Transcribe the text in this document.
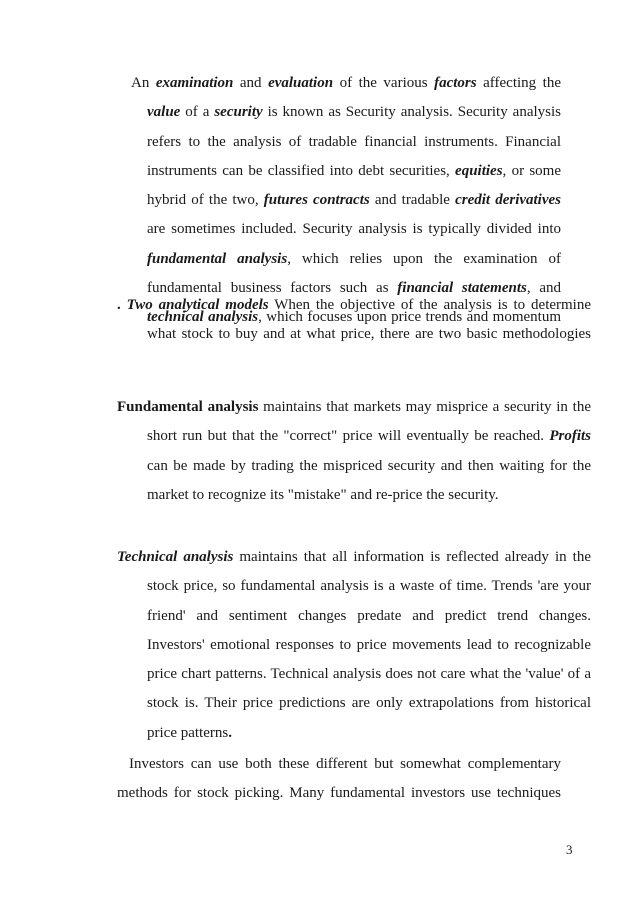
An examination and evaluation of the various factors affecting the value of a security is known as Security analysis. Security analysis refers to the analysis of tradable financial instruments. Financial instruments can be classified into debt securities, equities, or some hybrid of the two, futures contracts and tradable credit derivatives are sometimes included. Security analysis is typically divided into fundamental analysis, which relies upon the examination of fundamental business factors such as financial statements, and technical analysis, which focuses upon price trends and momentum

. Two analytical models When the objective of the analysis is to determine what stock to buy and at what price, there are two basic methodologies

Fundamental analysis maintains that markets may misprice a security in the short run but that the "correct" price will eventually be reached. Profits can be made by trading the mispriced security and then waiting for the market to recognize its "mistake" and re-price the security.

Technical analysis maintains that all information is reflected already in the stock price, so fundamental analysis is a waste of time. Trends 'are your friend' and sentiment changes predate and predict trend changes. Investors' emotional responses to price movements lead to recognizable price chart patterns. Technical analysis does not care what the 'value' of a stock is. Their price predictions are only extrapolations from historical price patterns.

Investors can use both these different but somewhat complementary methods for stock picking. Many fundamental investors use techniques

3
